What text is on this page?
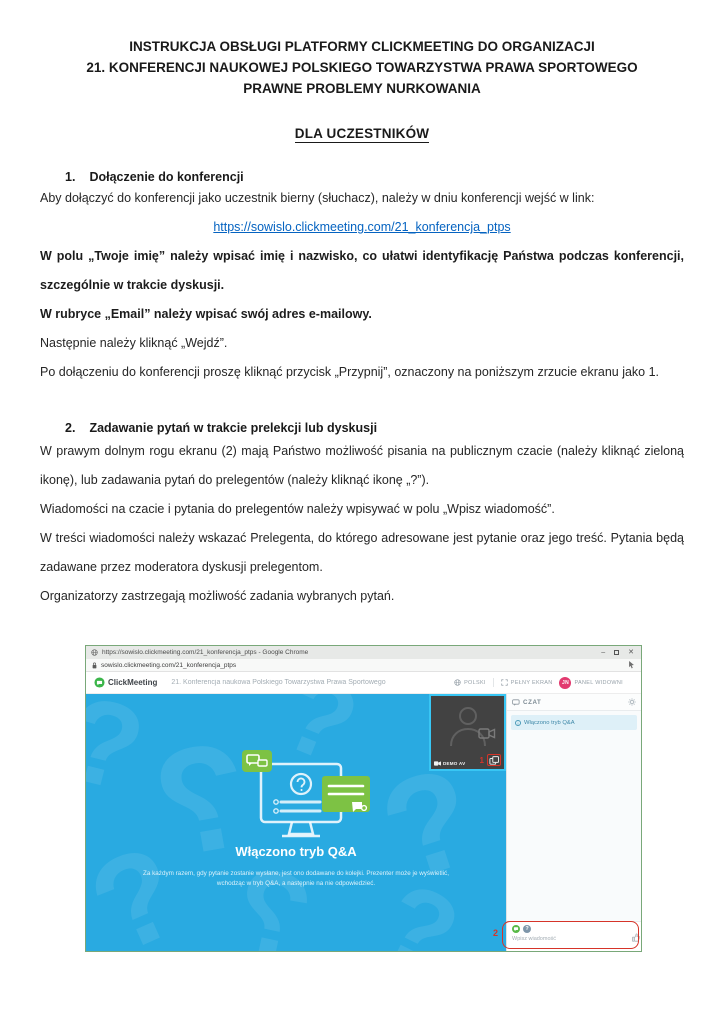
INSTRUKCJA OBSŁUGI PLATFORMY CLICKMEETING DO ORGANIZACJI
21. KONFERENCJI NAUKOWEJ POLSKIEGO TOWARZYSTWA PRAWA SPORTOWEGO
PRAWNE PROBLEMY NURKOWANIA
DLA UCZESTNIKÓW
1. Dołączenie do konferencji

Aby dołączyć do konferencji jako uczestnik bierny (słuchacz), należy w dniu konferencji wejść w link:

https://sowislo.clickmeeting.com/21_konferencja_ptps

W polu „Twoje imię” należy wpisać imię i nazwisko, co ułatwi identyfikację Państwa podczas konferencji, szczególnie w trakcie dyskusji.

W rubryce „Email” należy wpisać swój adres e-mailowy.

Następnie należy kliknąć „Wejdź”.

Po dołączeniu do konferencji proszę kliknąć przycisk „Przypnij”, oznaczony na poniższym zrzucie ekranu jako 1.

2. Zadawanie pytań w trakcie prelekcji lub dyskusji

W prawym dolnym rogu ekranu (2) mają Państwo możliwość pisania na publicznym czacie (należy kliknąć zieloną ikonę), lub zadawania pytań do prelegentów (należy kliknąć ikonę „?”).

Wiadomości na czacie i pytania do prelegentów należy wpisywać w polu „Wpisz wiadomość”.

W treści wiadomości należy wskazać Prelegenta, do którego adresowane jest pytanie oraz jego treść. Pytania będą zadawane przez moderatora dyskusji prelegentom.

Organizatorzy zastrzegają możliwość zadania wybranych pytań.

https://sowislo.clickmeeting.com/21_konferencja_ptps - Google Chrome	–	✕
sowislo.clickmeeting.com/21_konferencja_ptps
ClickMeeting 21. Konferencja naukowa Polskiego Towarzystwa Prawa Sportowego	POLSKI	PEŁNY EKRAN	JN	PANEL WIDOWNI
?
?
?
?
?
?
?
Włączono tryb Q&A
Za każdym razem, gdy pytanie zostanie wysłane, jest ono dodawane do kolejki. Prezenter może je wyświetlić, wchodząc w tryb Q&A, a następnie na nie odpowiedzieć.
DEMO AV 1
2
CZAT
i
Włączono tryb Q&A
?
Wpisz wiadomość
